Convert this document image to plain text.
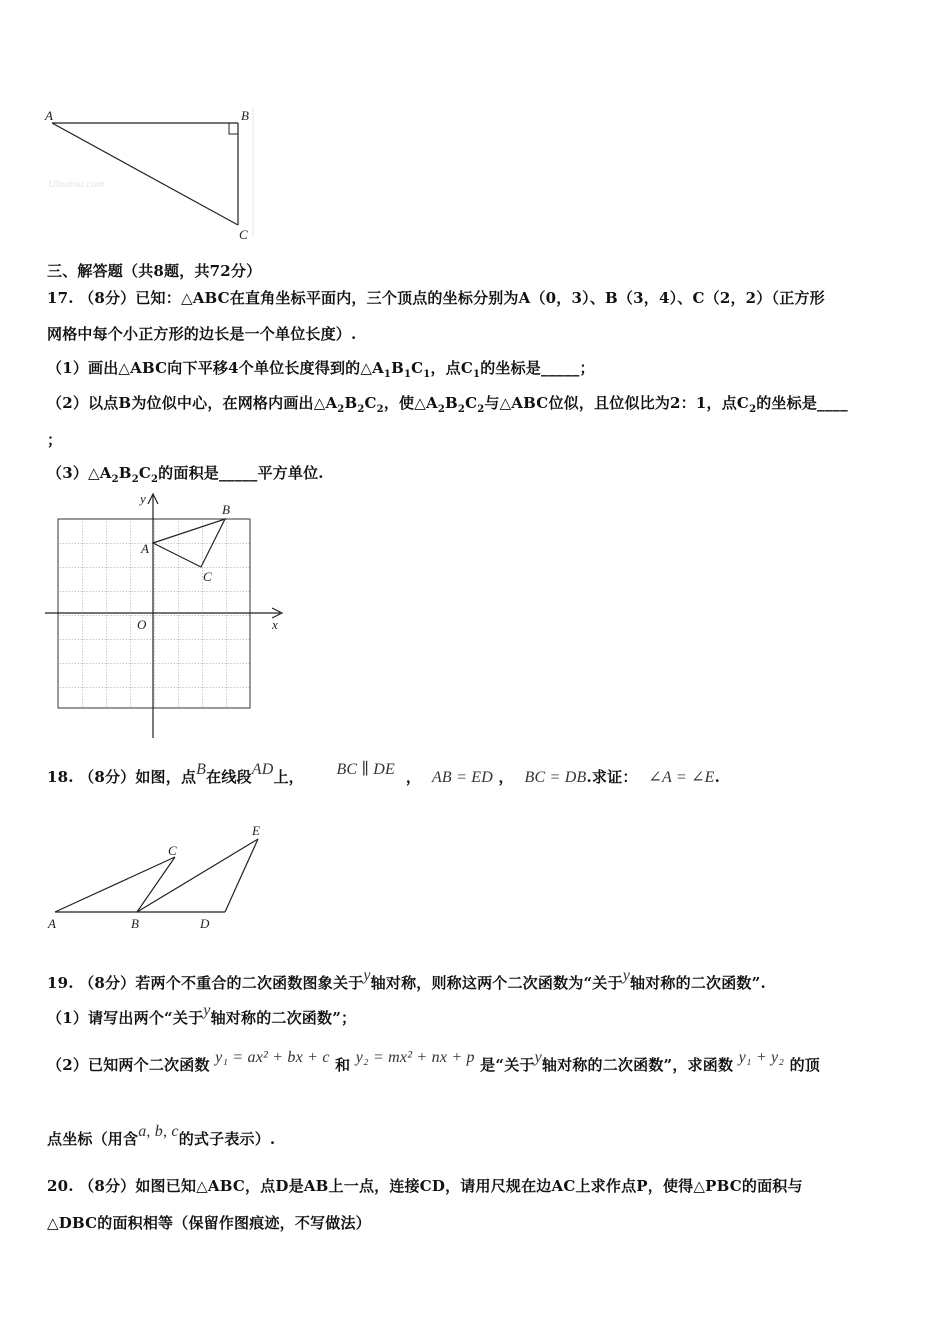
Ubunna.com
A	B
C
三、解答题（共8题，共72分）
17. （8分）已知：△ABC在直角坐标平面内，三个顶点的坐标分别为A（0，3）、B（3，4）、C（2，2）（正方形
网格中每个小正方形的边长是一个单位长度）.
（1）画出△ABC向下平移4个单位长度得到的$\triangle A_1B_1C_1$，点$C_1$的坐标是_____；
（2）以点B为位似中心，在网格内画出$\triangle A_2B_2C_2$，使$\triangle A_2B_2C_2$与△ABC位似，且位似比为2：1，点$C_2$的坐标是____
；
$(3)\triangle A_2B_2C_2$的面积是_____平方单位.
y
x
O
A
B
C
18. （8分）如图，点B在线段AD上， BC ∥ DE ， AB = ED ， BC = DB.求证： ∠A = ∠E.
A	B
C
D
E
19. （8分）若两个不重合的二次函数图象关于y轴对称，则称这两个二次函数为“关于y轴对称的二次函数”.
（1）请写出两个“关于y轴对称的二次函数”；
（2）已知两个二次函数 y₁ = ax² + bx + c 和 y₂ = mx² + nx + p 是“关于y轴对称的二次函数”，求函数 y₁ + y₂ 的顶
点坐标（用含a, b, c的式子表示）.
20. （8分）如图已知△ABC，点D是AB上一点，连接CD，请用尺规在边AC上求作点P，使得△PBC的面积与
△DBC的面积相等（保留作图痕迹，不写做法）
